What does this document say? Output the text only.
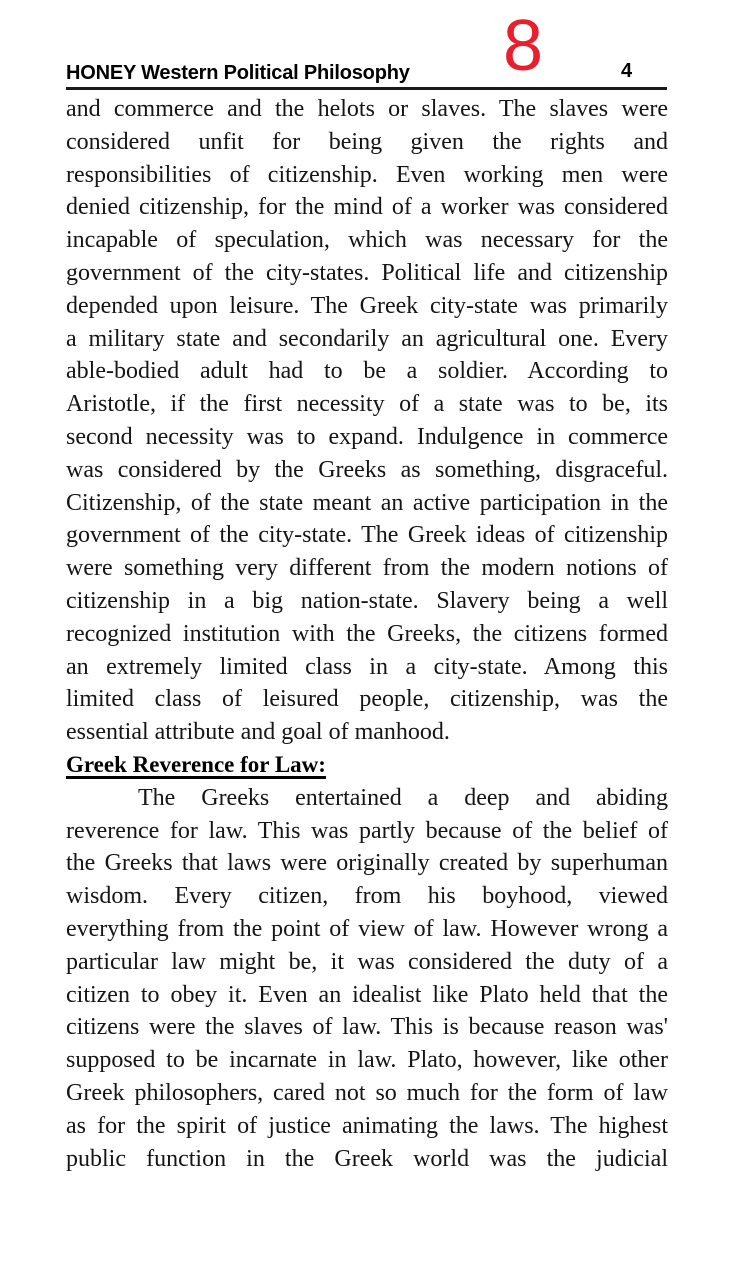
8
HONEY Western Political Philosophy	4
and commerce and the helots or slaves. The slaves were
considered unfit for being given the rights and
responsibilities of citizenship. Even working men were
denied citizenship, for the mind of a worker was considered
incapable of speculation, which was necessary for the
government of the city-states. Political life and citizenship
depended upon leisure. The Greek city-state was primarily
a military state and secondarily an agricultural one. Every
able-bodied adult had to be a soldier. According to
Aristotle, if the first necessity of a state was to be, its
second necessity was to expand. Indulgence in commerce
was considered by the Greeks as something, disgraceful.
Citizenship, of the state meant an active participation in the
government of the city-state. The Greek ideas of citizenship
were something very different from the modern notions of
citizenship in a big nation-state. Slavery being a well
recognized institution with the Greeks, the citizens formed
an extremely limited class in a city-state. Among this
limited class of leisured people, citizenship, was the
essential attribute and goal of manhood.
Greek Reverence for Law:
The Greeks entertained a deep and abiding
reverence for law. This was partly because of the belief of
the Greeks that laws were originally created by superhuman
wisdom. Every citizen, from his boyhood, viewed
everything from the point of view of law. However wrong a
particular law might be, it was considered the duty of a
citizen to obey it. Even an idealist like Plato held that the
citizens were the slaves of law. This is because reason was'
supposed to be incarnate in law. Plato, however, like other
Greek philosophers, cared not so much for the form of law
as for the spirit of justice animating the laws. The highest
public function in the Greek world was the judicial
